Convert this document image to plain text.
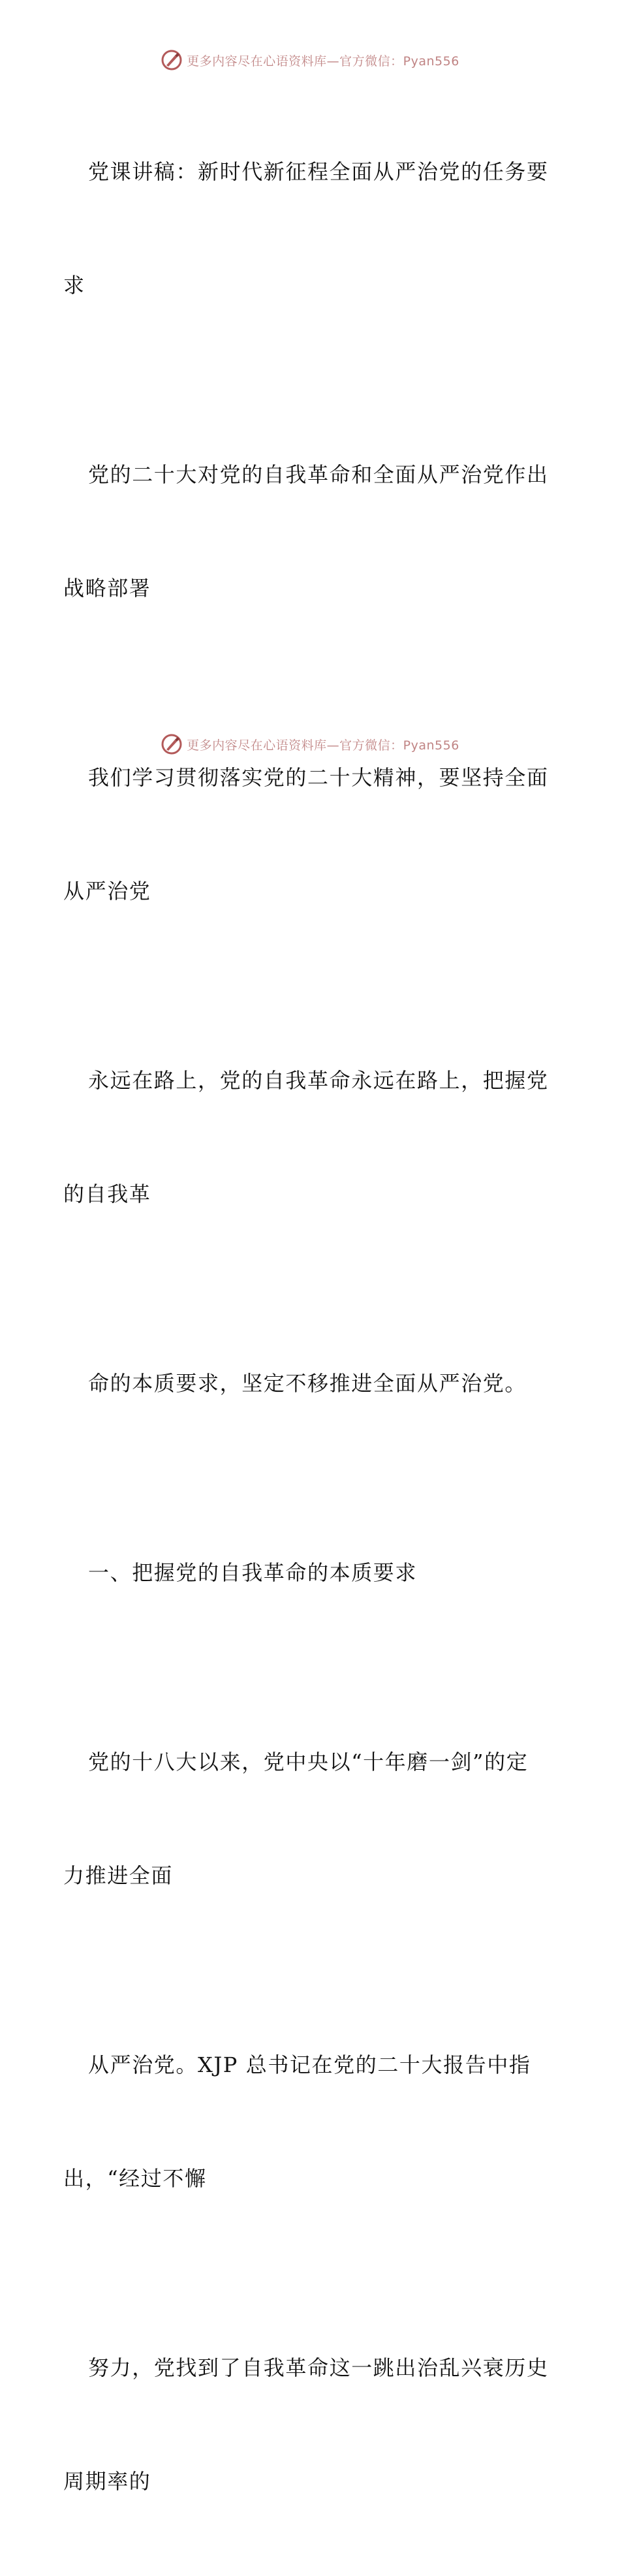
更多内容尽在心语资料库—官方微信：Pyan556

党课讲稿：新时代新征程全面从严治党的任务要

求

党的二十大对党的自我革命和全面从严治党作出

战略部署

我们学习贯彻落实党的二十大精神，要坚持全面

从严治党

永远在路上，党的自我革命永远在路上，把握党

的自我革

命的本质要求，坚定不移推进全面从严治党。

一、把握党的自我革命的本质要求

党的十八大以来，党中央以“十年磨一剑”的定

力推进全面

从严治党。XJP 总书记在党的二十大报告中指

出，“经过不懈

努力，党找到了自我革命这一跳出治乱兴衰历史

周期率的

更多内容尽在心语资料库—官方微信：Pyan556
